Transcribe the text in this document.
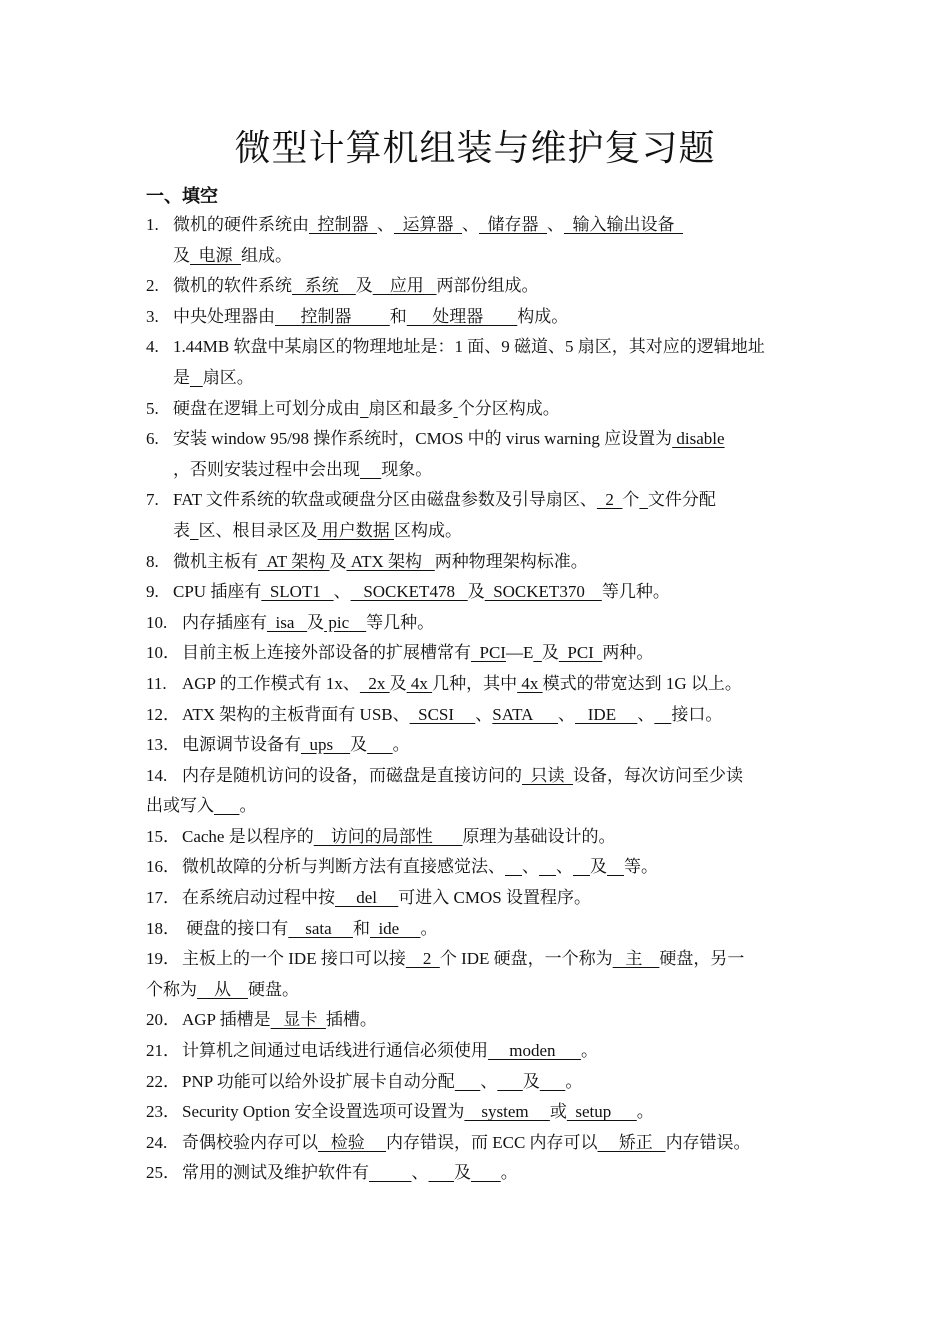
微型计算机组装与维护复习题
一、填空
1. 微机的硬件系统由  控制器  、  运算器  、  储存器  、  输入输出设备
及  电源  组成。
2. 微机的软件系统   系统    及    应用   两部份组成。
3. 中央处理器由      控制器         和      处理器        构成。
4. 1.44MB 软盘中某扇区的物理地址是：1 面、9 磁道、5 扇区，其对应的逻辑地址
是 扇区。
5. 硬盘在逻辑上可划分成由 扇区和最多 个分区构成。
6. 安装 window 95/98 操作系统时，CMOS 中的 virus warning 应设置为 disable
，否则安装过程中会出现 现象。
7. FAT 文件系统的软盘或硬盘分区由磁盘参数及引导扇区、  2  个 文件分配
表 区、根目录区及 用户数据 区构成。
8. 微机主板有  AT 架构 及 ATX 架构   两种物理架构标准。
9. CPU 插座有  SLOT1   、   SOCKET478   及  SOCKET370    等几种。
10. 内存插座有  isa   及 pic    等几种。
10． 目前主板上连接外部设备的扩展槽常有  PCI—E 及  PCI  两种。
11. AGP 的工作模式有 1x、  2x 及 4x 几种，其中 4x 模式的带宽达到 1G 以上。
12． ATX 架构的主板背面有 USB、  SCSI     、SATA      、   IDE     、 接口。
13． 电源调节设备有  ups    及 。
14. 内存是随机访问的设备，而磁盘是直接访问的  只读  设备，每次访问至少读
出或写入 。
15． Cache 是以程序的    访问的局部性       原理为基础设计的。
16． 微机故障的分析与判断方法有直接感觉法、 、 、 及 等。
17． 在系统启动过程中按     del     可进入 CMOS 设置程序。
18． 硬盘的接口有    sata     和  ide     。
19． 主板上的一个 IDE 接口可以接    2  个 IDE 硬盘，一个称为   主    硬盘，另一
个称为    从    硬盘。
20． AGP 插槽是   显卡  插槽。
21． 计算机之间通过电话线进行通信必须使用     moden      。
22． PNP 功能可以给外设扩展卡自动分配 、 及 。
23． Security Option 安全设置选项可设置为    system     或  setup      。
24. 奇偶校验内存可以   检验     内存错误，而 ECC 内存可以     矫正   内存错误。
25． 常用的测试及维护软件有	、 及 。
